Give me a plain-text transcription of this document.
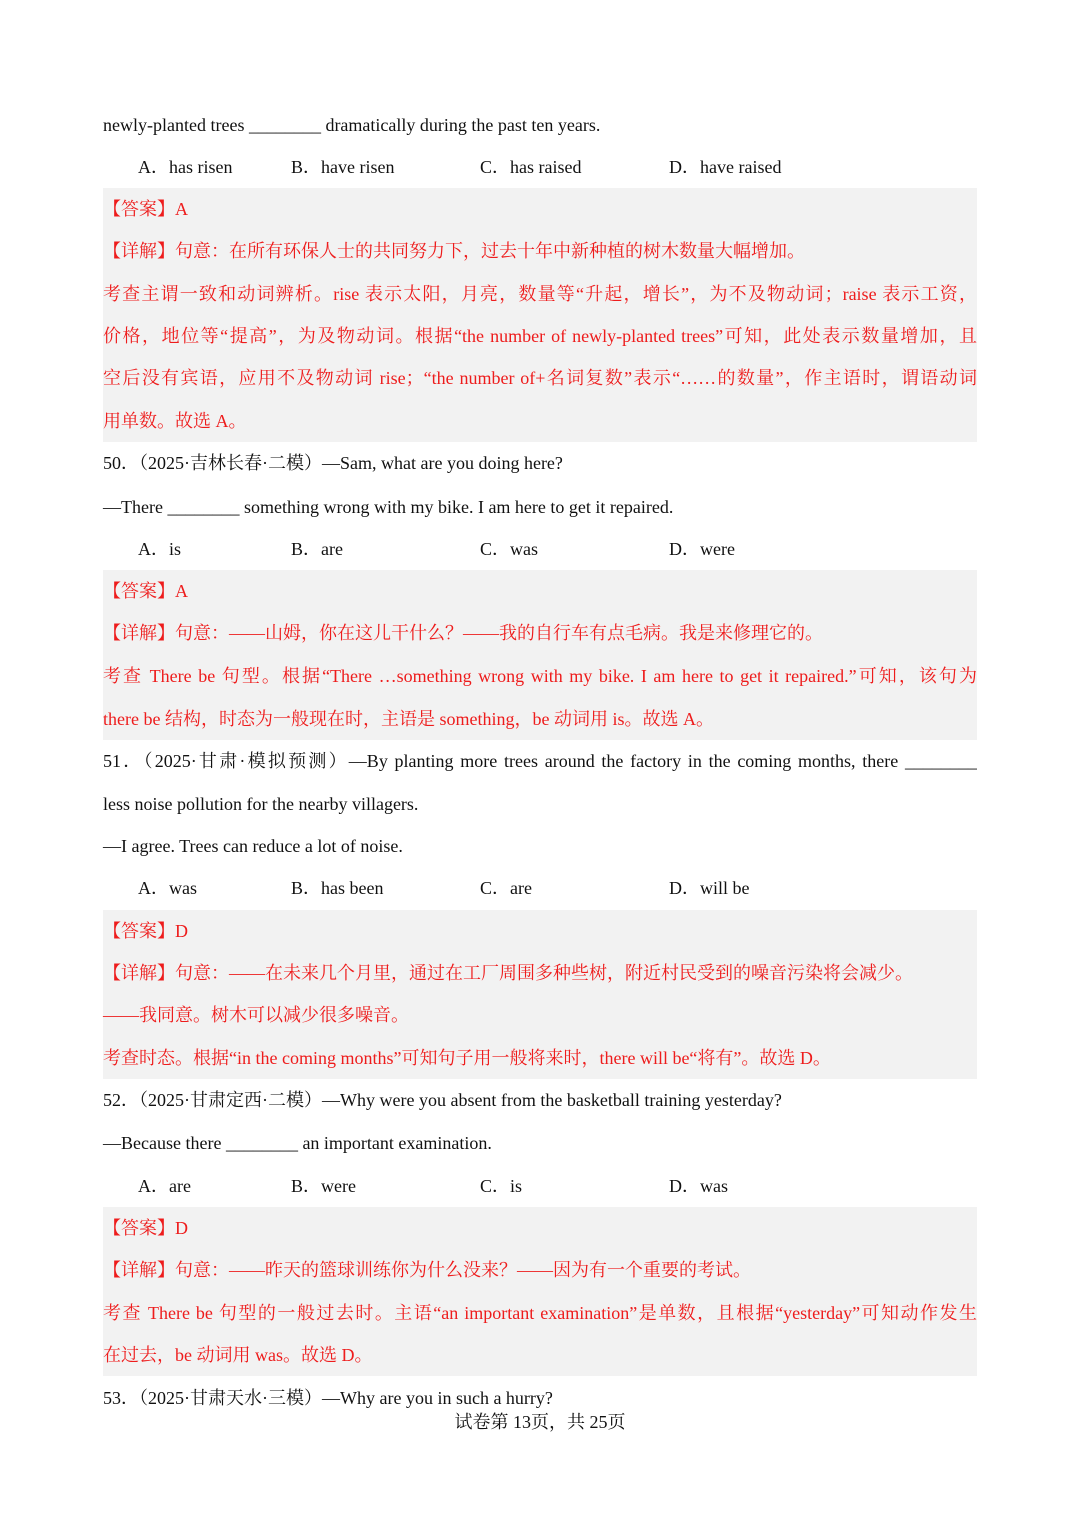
newly-planted trees ________ dramatically during the past ten years.
A．has risen	B．have risen	C．has raised	D．have raised
【答案】A
【详解】句意：在所有环保人士的共同努力下，过去十年中新种植的树木数量大幅增加。
考查主谓一致和动词辨析。rise 表示太阳，月亮，数量等“升起，增长”，为不及物动词；raise 表示工资，
价格，地位等“提高”，为及物动词。根据“the number of newly-planted trees”可知，此处表示数量增加，且
空后没有宾语，应用不及物动词 rise；“the number of+名词复数”表示“……的数量”，作主语时，谓语动词
用单数。故选 A。
50．（2025·吉林长春·二模）—Sam, what are you doing here?
—There ________ something wrong with my bike. I am here to get it repaired.
A．is	B．are	C．was	D．were
【答案】A
【详解】句意：——山姆，你在这儿干什么？——我的自行车有点毛病。我是来修理它的。
考查 There be 句型。根据“There …something wrong with my bike. I am here to get it repaired.”可知，该句为
there be 结构，时态为一般现在时，主语是 something，be 动词用 is。故选 A。
51．（2025·甘肃·模拟预测）—By planting more trees around the factory in the coming months, there ________
less noise pollution for the nearby villagers.
—I agree. Trees can reduce a lot of noise.
A．was	B．has been	C．are	D．will be
【答案】D
【详解】句意：——在未来几个月里，通过在工厂周围多种些树，附近村民受到的噪音污染将会减少。
——我同意。树木可以减少很多噪音。
考查时态。根据“in the coming months”可知句子用一般将来时，there will be“将有”。故选 D。
52．（2025·甘肃定西·二模）—Why were you absent from the basketball training yesterday?
—Because there ________ an important examination.
A．are	B．were	C．is	D．was
【答案】D
【详解】句意：——昨天的篮球训练你为什么没来？——因为有一个重要的考试。
考查 There be 句型的一般过去时。主语“an important examination”是单数，且根据“yesterday”可知动作发生
在过去，be 动词用 was。故选 D。
53．（2025·甘肃天水·三模）—Why are you in such a hurry?
试卷第 13页，共 25页
